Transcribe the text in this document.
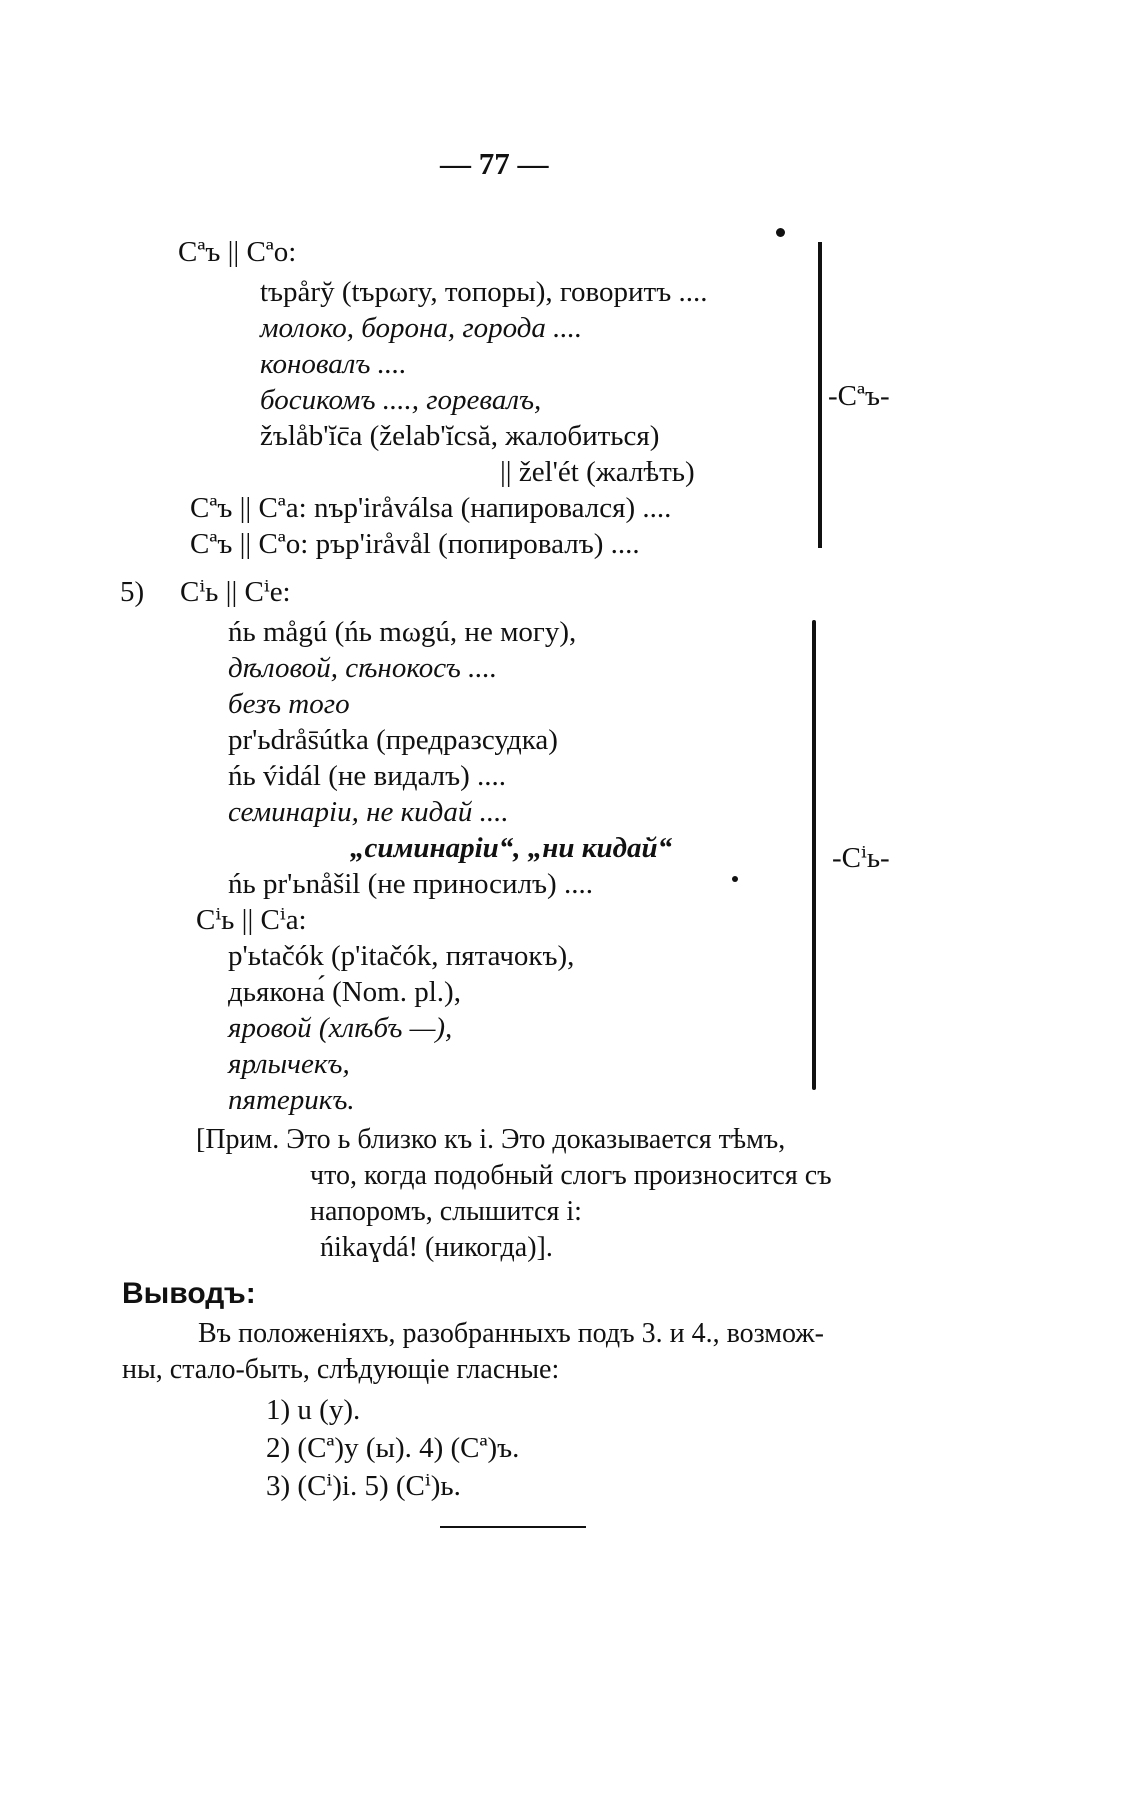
— 77 —
Cªъ || Cªo:
tъpåry̆ (tъpωry, топоры), говоритъ ....
молоко, борона, города ....
коновалъ ....
босикомъ ...., горевалъ,
žъlåb'ĭc̄a (želab'ĭcsă, жалобиться)
|| žel'ét (жалѣть)
Cªъ || Cªa: nъp'iråválsa (напировался) ....
Cªъ || Cªo: pъp'iråvål (попировалъ) ....
-Cªъ-
5) Cⁱь || Cⁱe:
ńь mågú (ńь mωgú, не могу),
дѣловой, сѣнокосъ ....
безъ того
pr'ьdrås̄útka (предразсудка)
ńь v́idál (не видалъ) ....
семинаріи, не кидай ....
„симинаріи“, „ни кидай“
ńь pr'ьnåšil (не приносилъ) ....
Cⁱь || Cⁱa:
p'ьtačók (p'itačók, пятачокъ),
дьякона́ (Nom. pl.),
яровой (хлѣбъ —),
ярлычекъ,
пятерикъ.
-Cⁱь-
[Прим. Это ь близко къ i. Это доказывается тѣмъ,
что, когда подобный слогъ произносится съ
напоромъ, слышится i:
ńikaɣdá! (никогда)].
Выводъ:
Въ положеніяхъ, разобранныхъ подъ 3. и 4., возмож-
ны, стало-быть, слѣдующіе гласные:
1) u (y).
2) (Cª)y (ы). 4) (Cª)ъ.
3) (Cⁱ)i. 5) (Cⁱ)ь.
